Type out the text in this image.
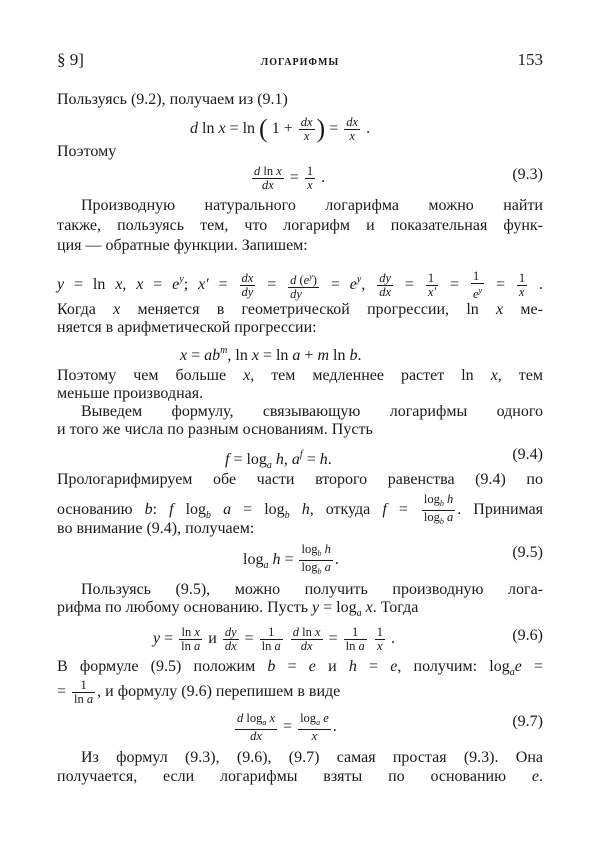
§ 9]	ЛОГАРИФМЫ	153
Пользуясь (9.2), получаем из (9.1)
d ln x = ln ( $1 + \frac{dx}{x}$ ) = $\frac{dx}{x}$ .
Поэтому
$\frac{\text{d ln x}}{dx} = \frac{1}{x}$ .	(9.3)
Производную натурального логарифма можно найти
также, пользуясь тем, что логарифм и показательная функ-
ция — обратные функции. Запишем:
y = ln x, $x = e^y$; $x' = \frac{dx}{dy} = \frac{d (e^y)}{dy} = e^y$, $\frac{dy}{dx} = \frac{1}{x'} = \frac{1}{e^y} = \frac{1}{x}$ .
Когда x меняется в геометрической прогрессии, ln x ме-
няется в арифметической прогрессии:
$x = ab^m$, ln x = ln a + m ln b.
Поэтому чем больше x, тем медленнее растет ln x, тем
меньше производная.
Выведем формулу, связывающую логарифмы одного
и того же числа по разным основаниям. Пусть
$f = \log_a h$, $a^f = h$.	(9.4)
Прологарифмируем обе части второго равенства (9.4) по
основанию b: f $\log_b a = \log_b h$, откуда $f = \frac{\log_b h}{\log_b a}$ . Принимая
во внимание (9.4), получаем:
$\log_a h = \frac{\log_b h}{\log_b a}$ .	(9.5)
Пользуясь (9.5), можно получить производную лога-
рифма по любому основанию. Пусть $y = \log_a x$. Тогда
$y = \frac{\text{ln x}}{\text{ln a}}$ и $\frac{dy}{dx} = \frac{1}{\text{ln a}}$
$\frac{\text{d ln x}}{dx} = \frac{1}{\text{ln a}}$
$\frac{1}{x}$ .	(9.6)
В формуле (9.5) положим b = e и h = e, получим: $\log_ae$ =
= $\frac{1}{\text{ln a}}$ , и формулу (9.6) перепишем в виде
$\frac{d \log_a x}{dx} = \frac{\log_a e}{x}$ .	(9.7)
Из формул (9.3), (9.6), (9.7) самая простая (9.3). Она
получается, если логарифмы взяты по основанию e.
